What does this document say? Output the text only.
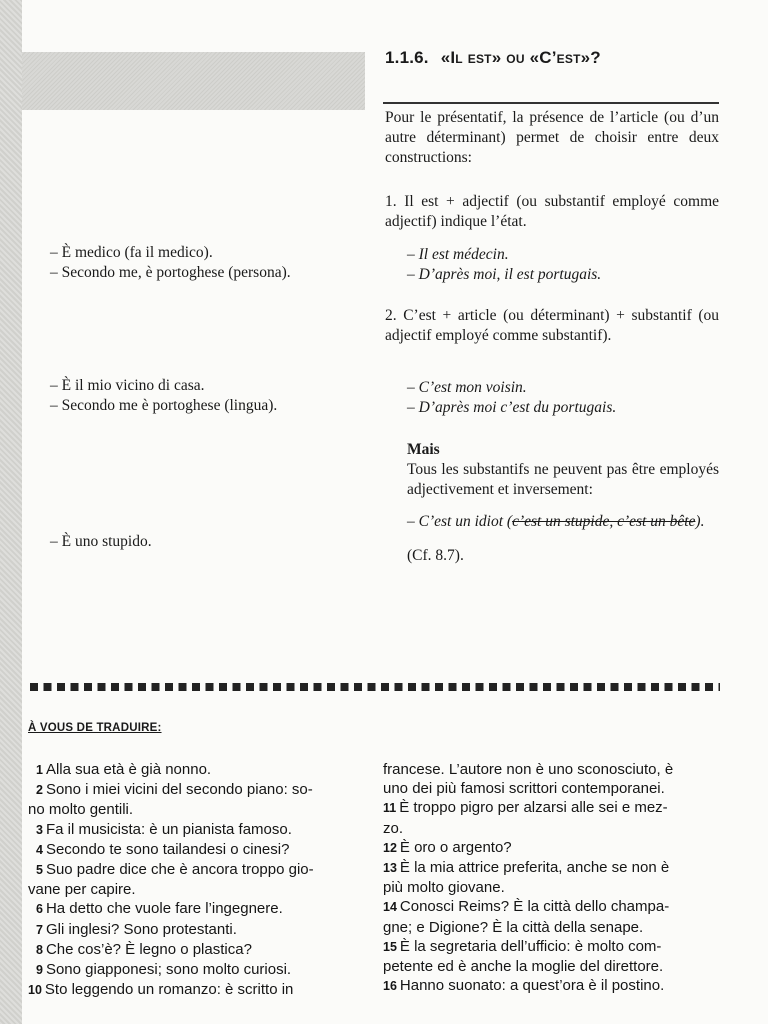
1.1.6. «Il est» ou «C’est»?
Pour le présentatif, la présence de l’article (ou d’un autre déterminant) permet de choisir entre deux constructions:
1. Il est + adjectif (ou substantif employé comme adjectif) indique l’état.
– Il est médecin.
– D’après moi, il est portugais.
– È medico (fa il medico).
– Secondo me, è portoghese (persona).
2. C’est + article (ou déterminant) + substantif (ou adjectif employé comme substantif).
– C’est mon voisin.
– D’après moi c’est du portugais.
– È il mio vicino di casa.
– Secondo me è portoghese (lingua).
Mais
Tous les substantifs ne peuvent pas être employés adjectivement et inversement:
– C’est un idiot (c’est un stupide, c’est un bête).
(Cf. 8.7).
– È uno stupido.
À VOUS DE TRADUIRE:
1 Alla sua età è già nonno.
2 Sono i miei vicini del secondo piano: so-
no molto gentili.
3 Fa il musicista: è un pianista famoso.
4 Secondo te sono tailandesi o cinesi?
5 Suo padre dice che è ancora troppo gio-
vane per capire.
6 Ha detto che vuole fare l’ingegnere.
7 Gli inglesi? Sono protestanti.
8 Che cos’è? È legno o plastica?
9 Sono giapponesi; sono molto curiosi.
10 Sto leggendo un romanzo: è scritto in
francese. L’autore non è uno sconosciuto, è
uno dei più famosi scrittori contemporanei.
11 È troppo pigro per alzarsi alle sei e mez-
zo.
12 È oro o argento?
13 È la mia attrice preferita, anche se non è
più molto giovane.
14 Conosci Reims? È la città dello champa-
gne; e Digione? È la città della senape.
15 È la segretaria dell’ufficio: è molto com-
petente ed è anche la moglie del direttore.
16 Hanno suonato: a quest’ora è il postino.
